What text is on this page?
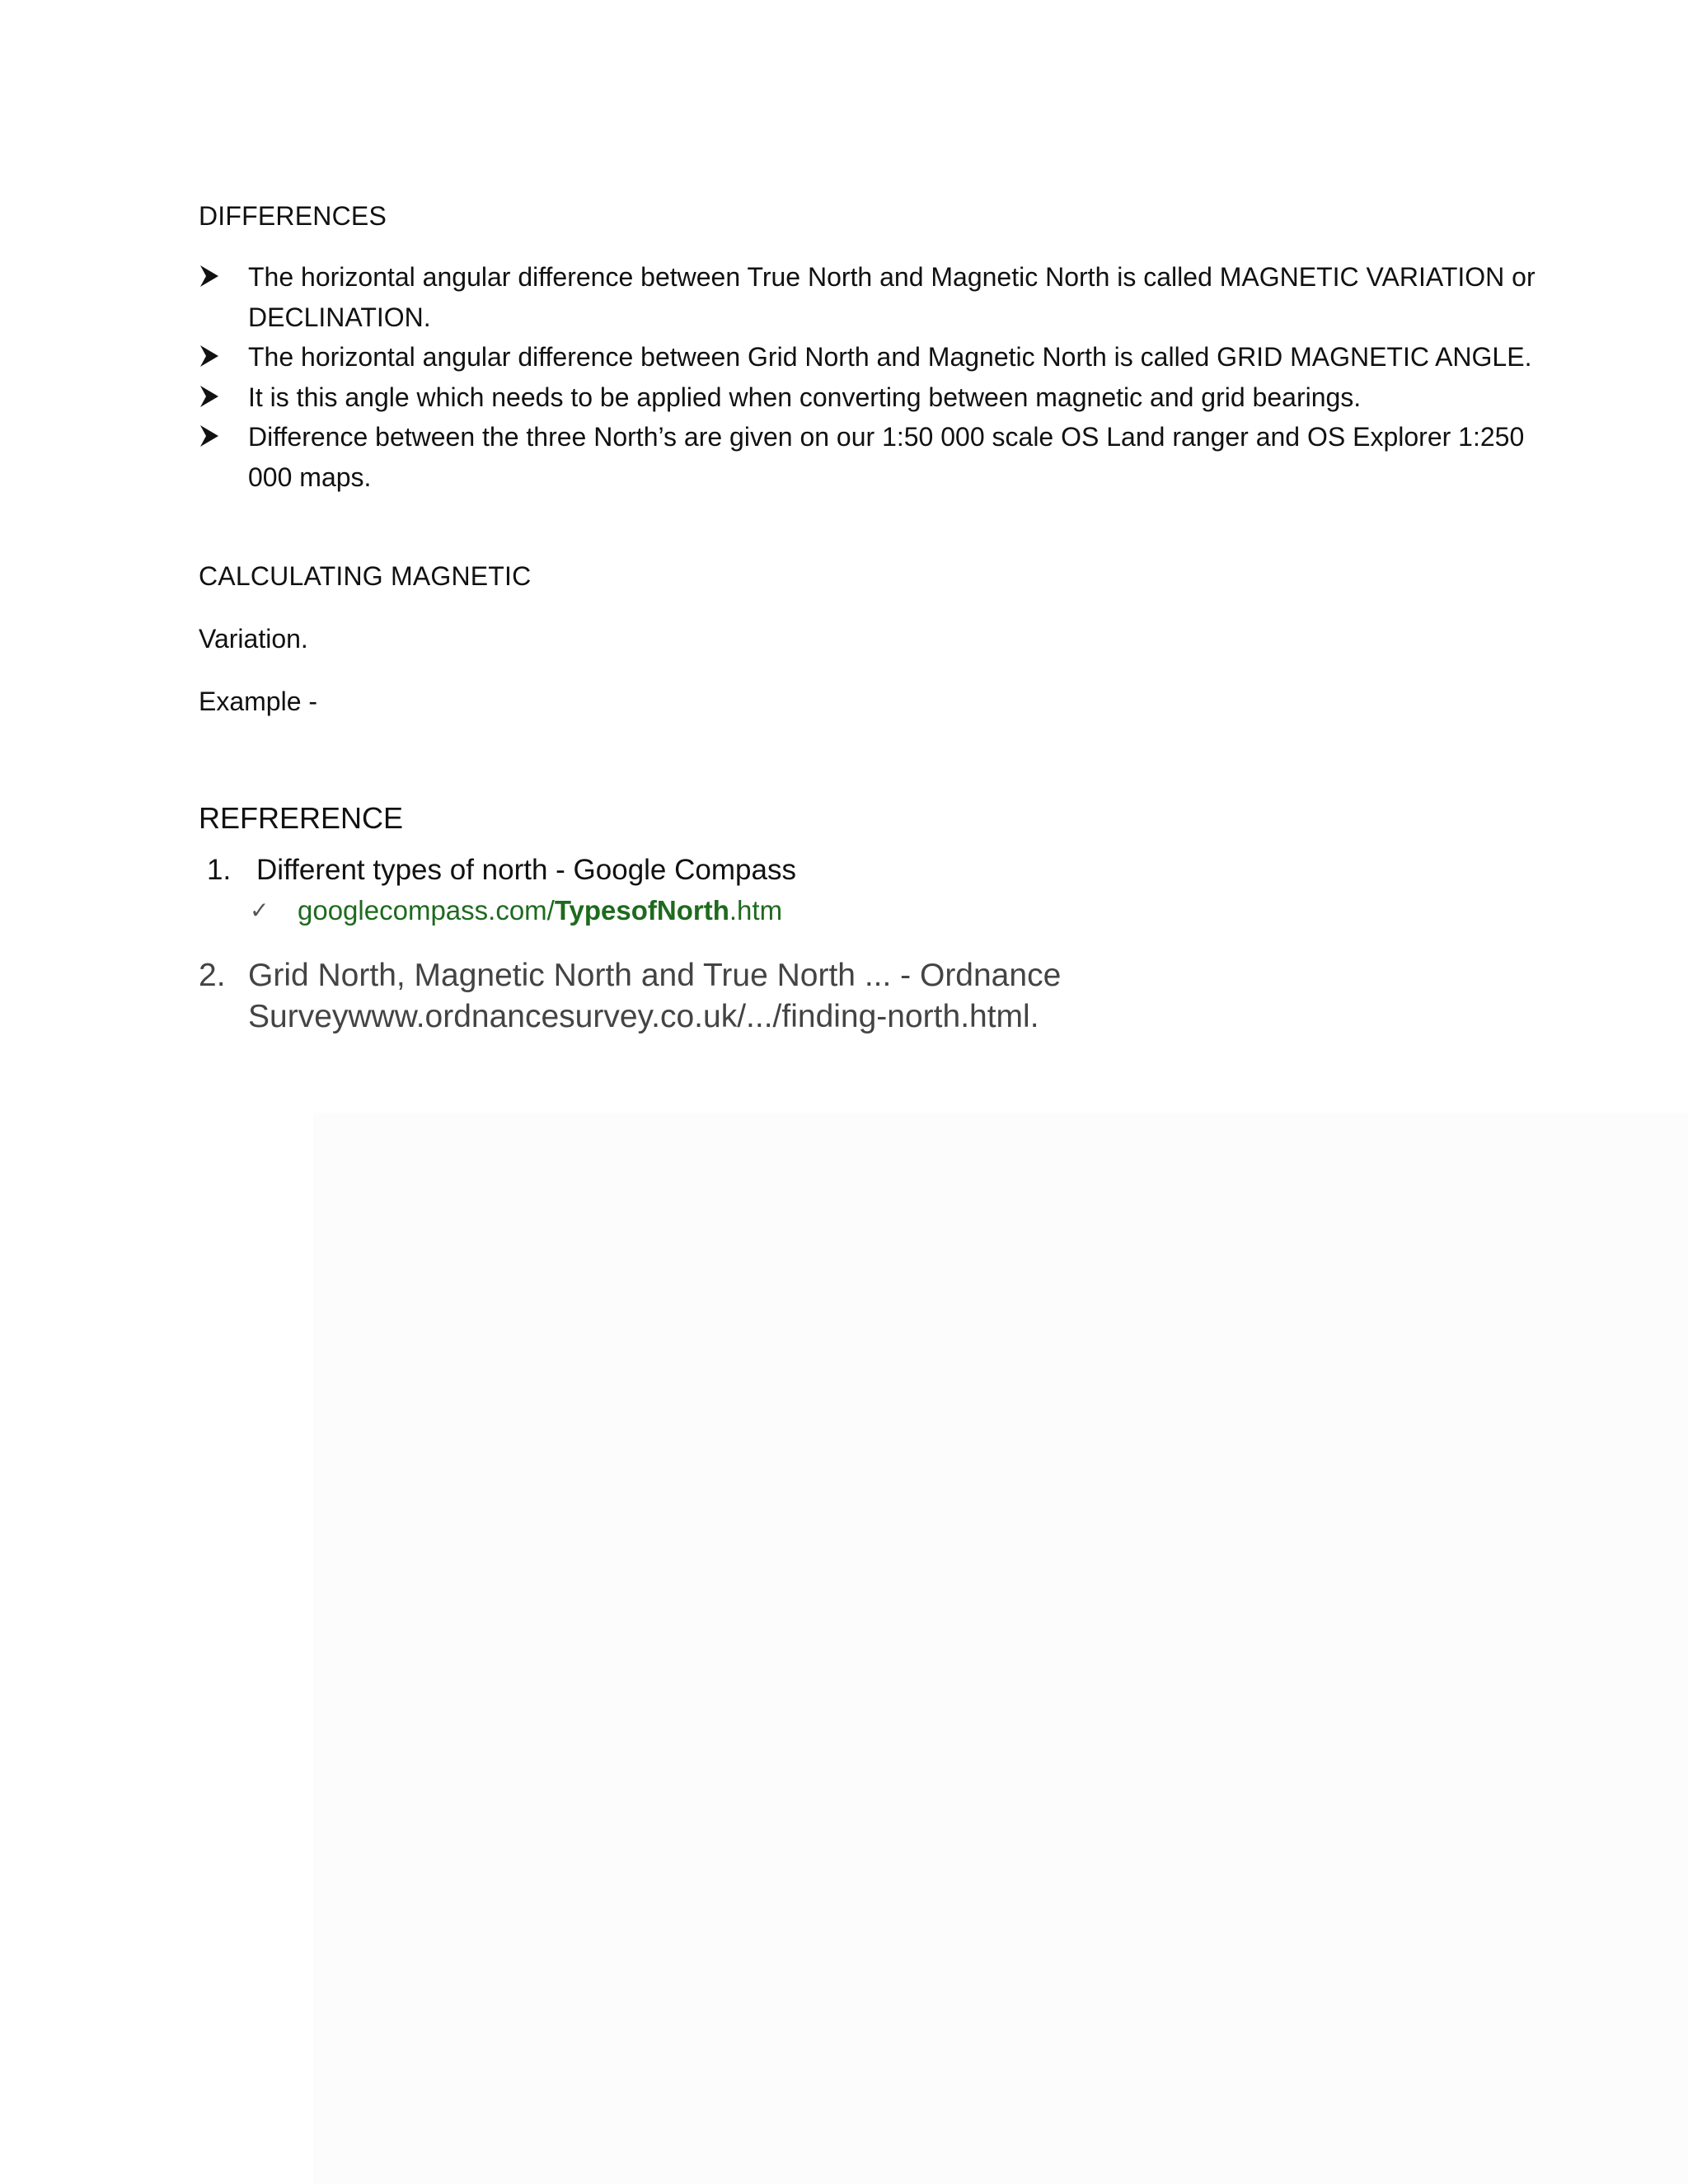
DIFFERENCES

The horizontal angular difference between True North and Magnetic North is called MAGNETIC VARIATION or DECLINATION.
The horizontal angular difference between Grid North and Magnetic North is called GRID MAGNETIC ANGLE.
It is this angle which needs to be applied when converting between magnetic and grid bearings.
Difference between the three North’s are given on our 1:50 000 scale OS Land ranger and OS Explorer 1:250 000 maps.

CALCULATING MAGNETIC

Variation.

Example -

REFRERENCE

1. Different types of north - Google Compass
✓ googlecompass.com/TypesofNorth.htm
2. Grid North, Magnetic North and True North ... - Ordnance Surveywww.ordnancesurvey.co.uk/.../finding-north.html.
